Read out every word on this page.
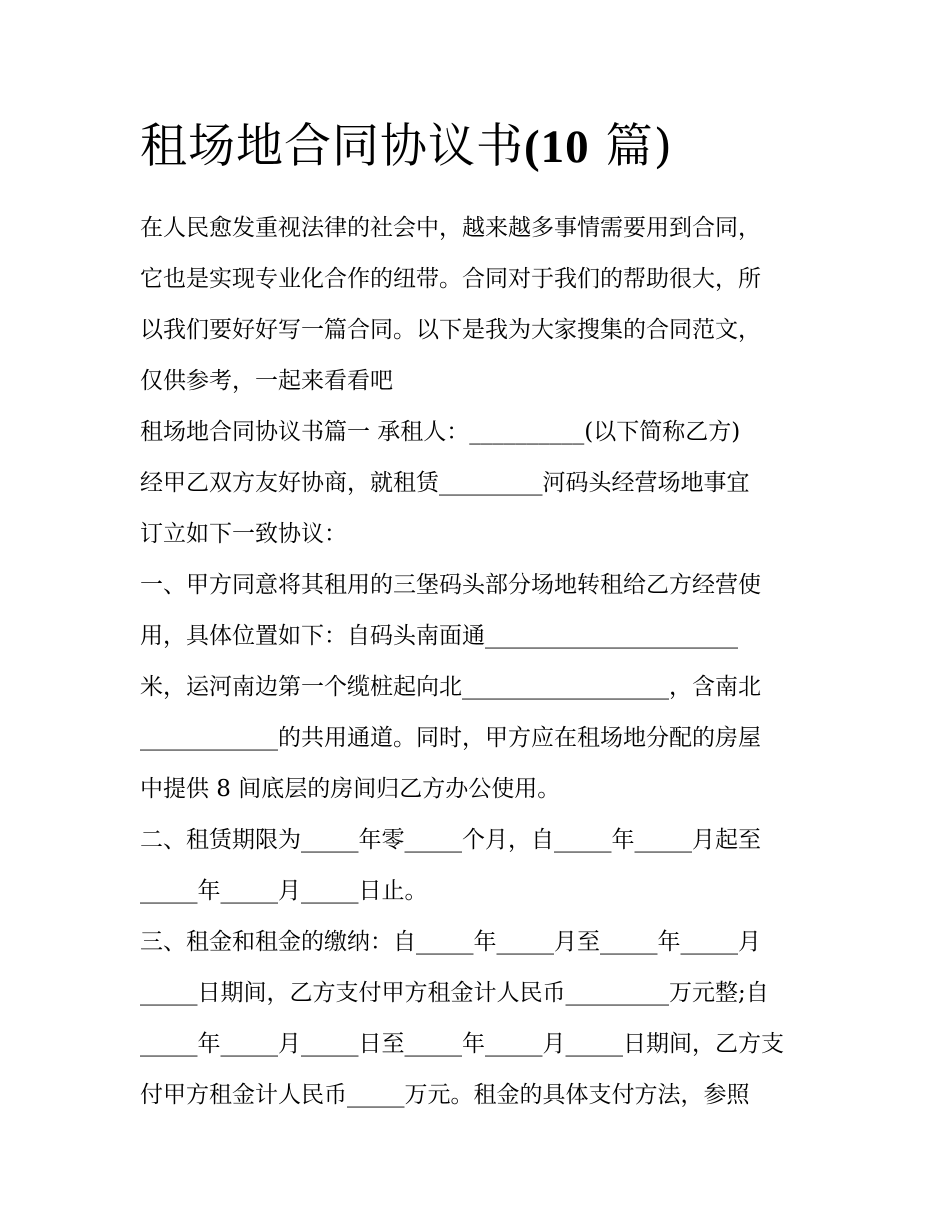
租场地合同协议书(10 篇)
在人民愈发重视法律的社会中，越来越多事情需要用到合同，
它也是实现专业化合作的纽带。合同对于我们的帮助很大，所
以我们要好好写一篇合同。以下是我为大家搜集的合同范文，
仅供参考，一起来看看吧
租场地合同协议书篇一 承租人：__________(以下简称乙方)
经甲乙双方友好协商，就租赁_________河码头经营场地事宜
订立如下一致协议：
一、甲方同意将其租用的三堡码头部分场地转租给乙方经营使
用，具体位置如下：自码头南面通______________________
米，运河南边第一个缆桩起向北__________________，含南北
____________的共用通道。同时，甲方应在租场地分配的房屋
中提供 8 间底层的房间归乙方办公使用。
二、租赁期限为_____年零_____个月，自_____年_____月起至
_____年_____月_____日止。
三、租金和租金的缴纳：自_____年_____月至_____年_____月
_____日期间，乙方支付甲方租金计人民币_________万元整;自
_____年_____月_____日至_____年_____月_____日期间，乙方支
付甲方租金计人民币_____万元。租金的具体支付方法，参照
